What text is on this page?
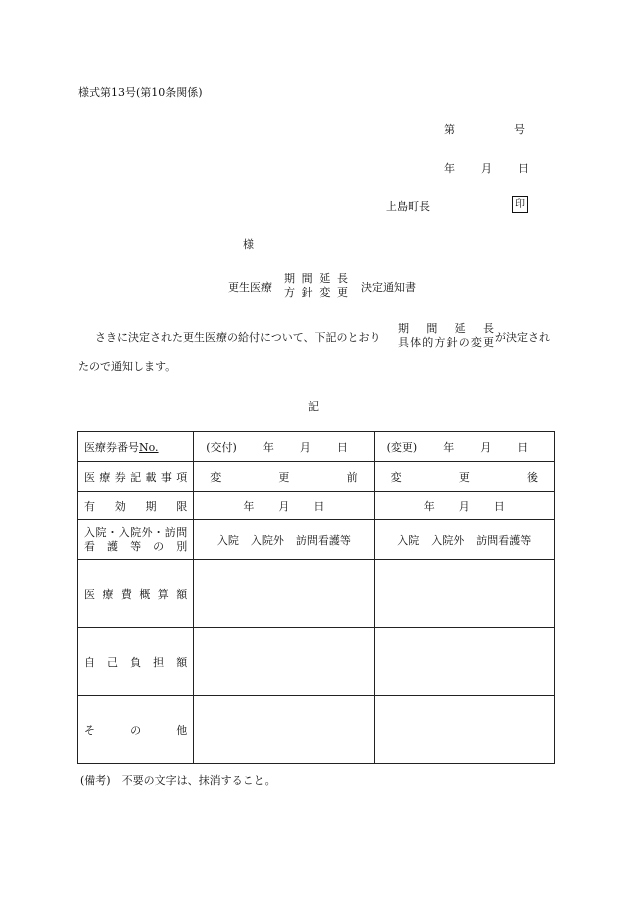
様式第13号(第10条関係)
第	号
年 月 日
上島町長	印
様
更生医療
期 間 延 長
方 針 変 更 決定通知書
さきに決定された更生医療の給付について、下記のとおり
期　間　延　長
具体的方針の変更 が決定され
たので通知します。
記
医療券番号No.	(交付) 年 月 日	(変更) 年 月 日

医療券記載事項	変 更 前	変 更 後

有効期限	年 月 日	年 月 日

入院・入院外・訪問
看護等の別	入院 入院外 訪問看護等	入院 入院外 訪問看護等

医療費概算額		

自己負担額		

その他		

(備考)　不要の文字は、抹消すること。
